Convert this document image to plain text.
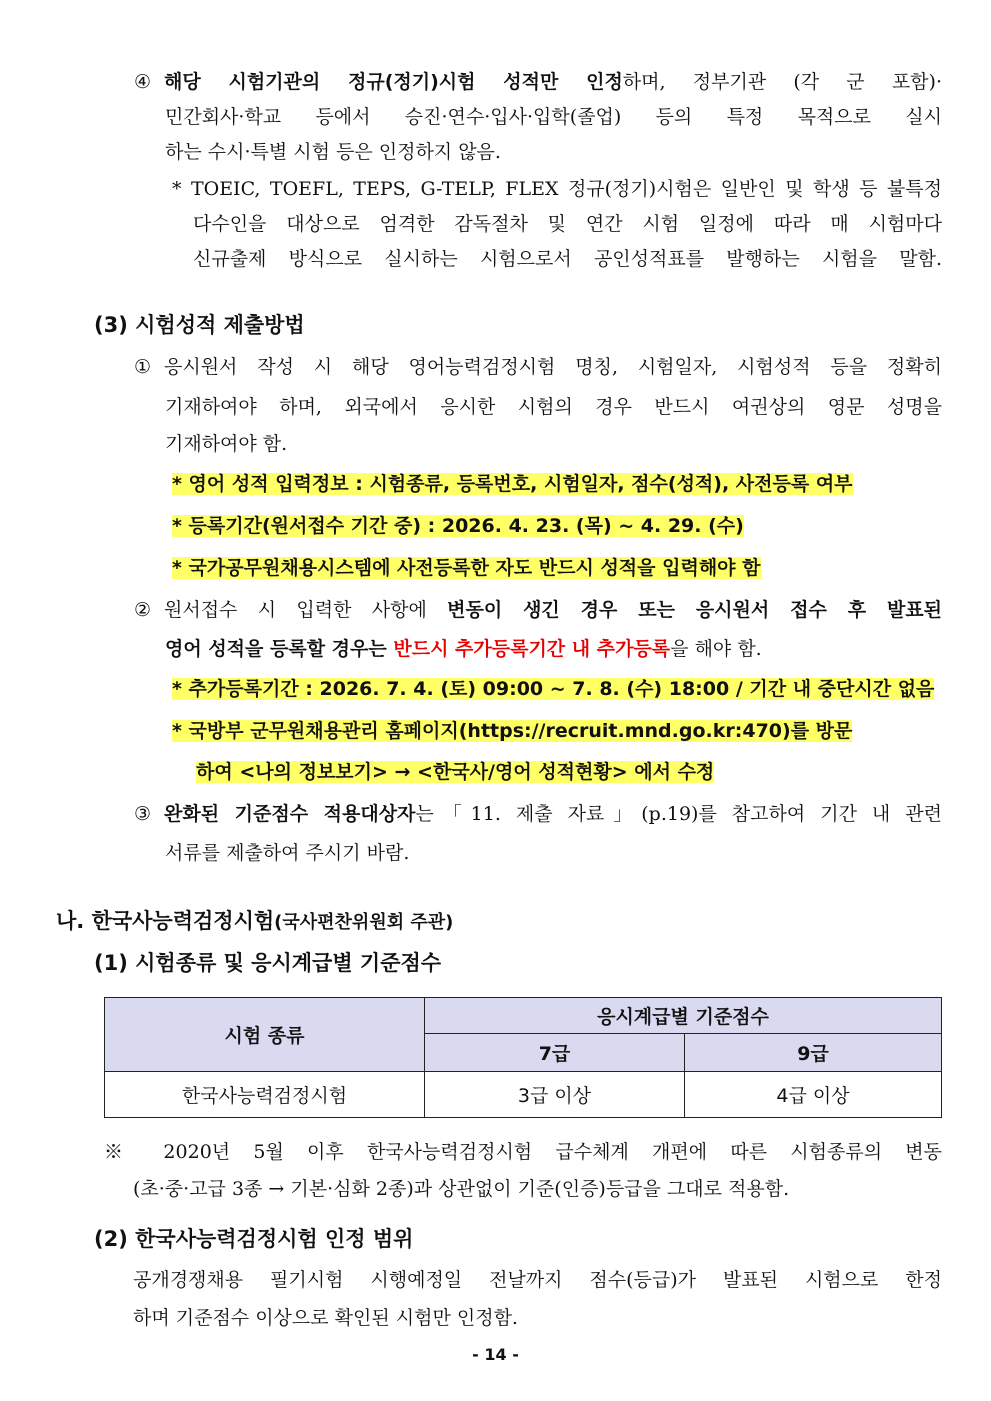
④ 해당 시험기관의 정규(정기)시험 성적만 인정하며, 정부기관 (각 군 포함)·
민간회사·학교 등에서 승진·연수·입사·입학(졸업) 등의 특정 목적으로 실시
하는 수시·특별 시험 등은 인정하지 않음.
* TOEIC, TOEFL, TEPS, G-TELP, FLEX 정규(정기)시험은 일반인 및 학생 등 불특정
다수인을 대상으로 엄격한 감독절차 및 연간 시험 일정에 따라 매 시험마다
신규출제 방식으로 실시하는 시험으로서 공인성적표를 발행하는 시험을 말함.
(3) 시험성적 제출방법
① 응시원서 작성 시 해당 영어능력검정시험 명칭, 시험일자, 시험성적 등을 정확히
기재하여야 하며, 외국에서 응시한 시험의 경우 반드시 여권상의 영문 성명을
기재하여야 함.
* 영어 성적 입력정보 : 시험종류, 등록번호, 시험일자, 점수(성적), 사전등록 여부
* 등록기간(원서접수 기간 중) : 2026. 4. 23. (목) ~ 4. 29. (수)
* 국가공무원채용시스템에 사전등록한 자도 반드시 성적을 입력해야 함
② 원서접수 시 입력한 사항에 변동이 생긴 경우 또는 응시원서 접수 후 발표된
영어 성적을 등록할 경우는 반드시 추가등록기간 내 추가등록을 해야 함.
* 추가등록기간 : 2026. 7. 4. (토) 09:00 ~ 7. 8. (수) 18:00 / 기간 내 중단시간 없음
* 국방부 군무원채용관리 홈페이지(https://recruit.mnd.go.kr:470)를 방문
하여 <나의 정보보기> → <한국사/영어 성적현황> 에서 수정
③ 완화된 기준점수 적용대상자는「11. 제출 자료」(p.19)를 참고하여 기간 내 관련
서류를 제출하여 주시기 바람.
나. 한국사능력검정시험(국사편찬위원회 주관)
(1) 시험종류 및 응시계급별 기준점수
시험 종류	응시계급별 기준점수	
	7급	9급
한국사능력검정시험	3급 이상	4급 이상
※ 2020년 5월 이후 한국사능력검정시험 급수체계 개편에 따른 시험종류의 변동
(초·중·고급 3종 → 기본·심화 2종)과 상관없이 기준(인증)등급을 그대로 적용함.
(2) 한국사능력검정시험 인정 범위
공개경쟁채용 필기시험 시행예정일 전날까지 점수(등급)가 발표된 시험으로 한정
하며 기준점수 이상으로 확인된 시험만 인정함.
- 14 -
